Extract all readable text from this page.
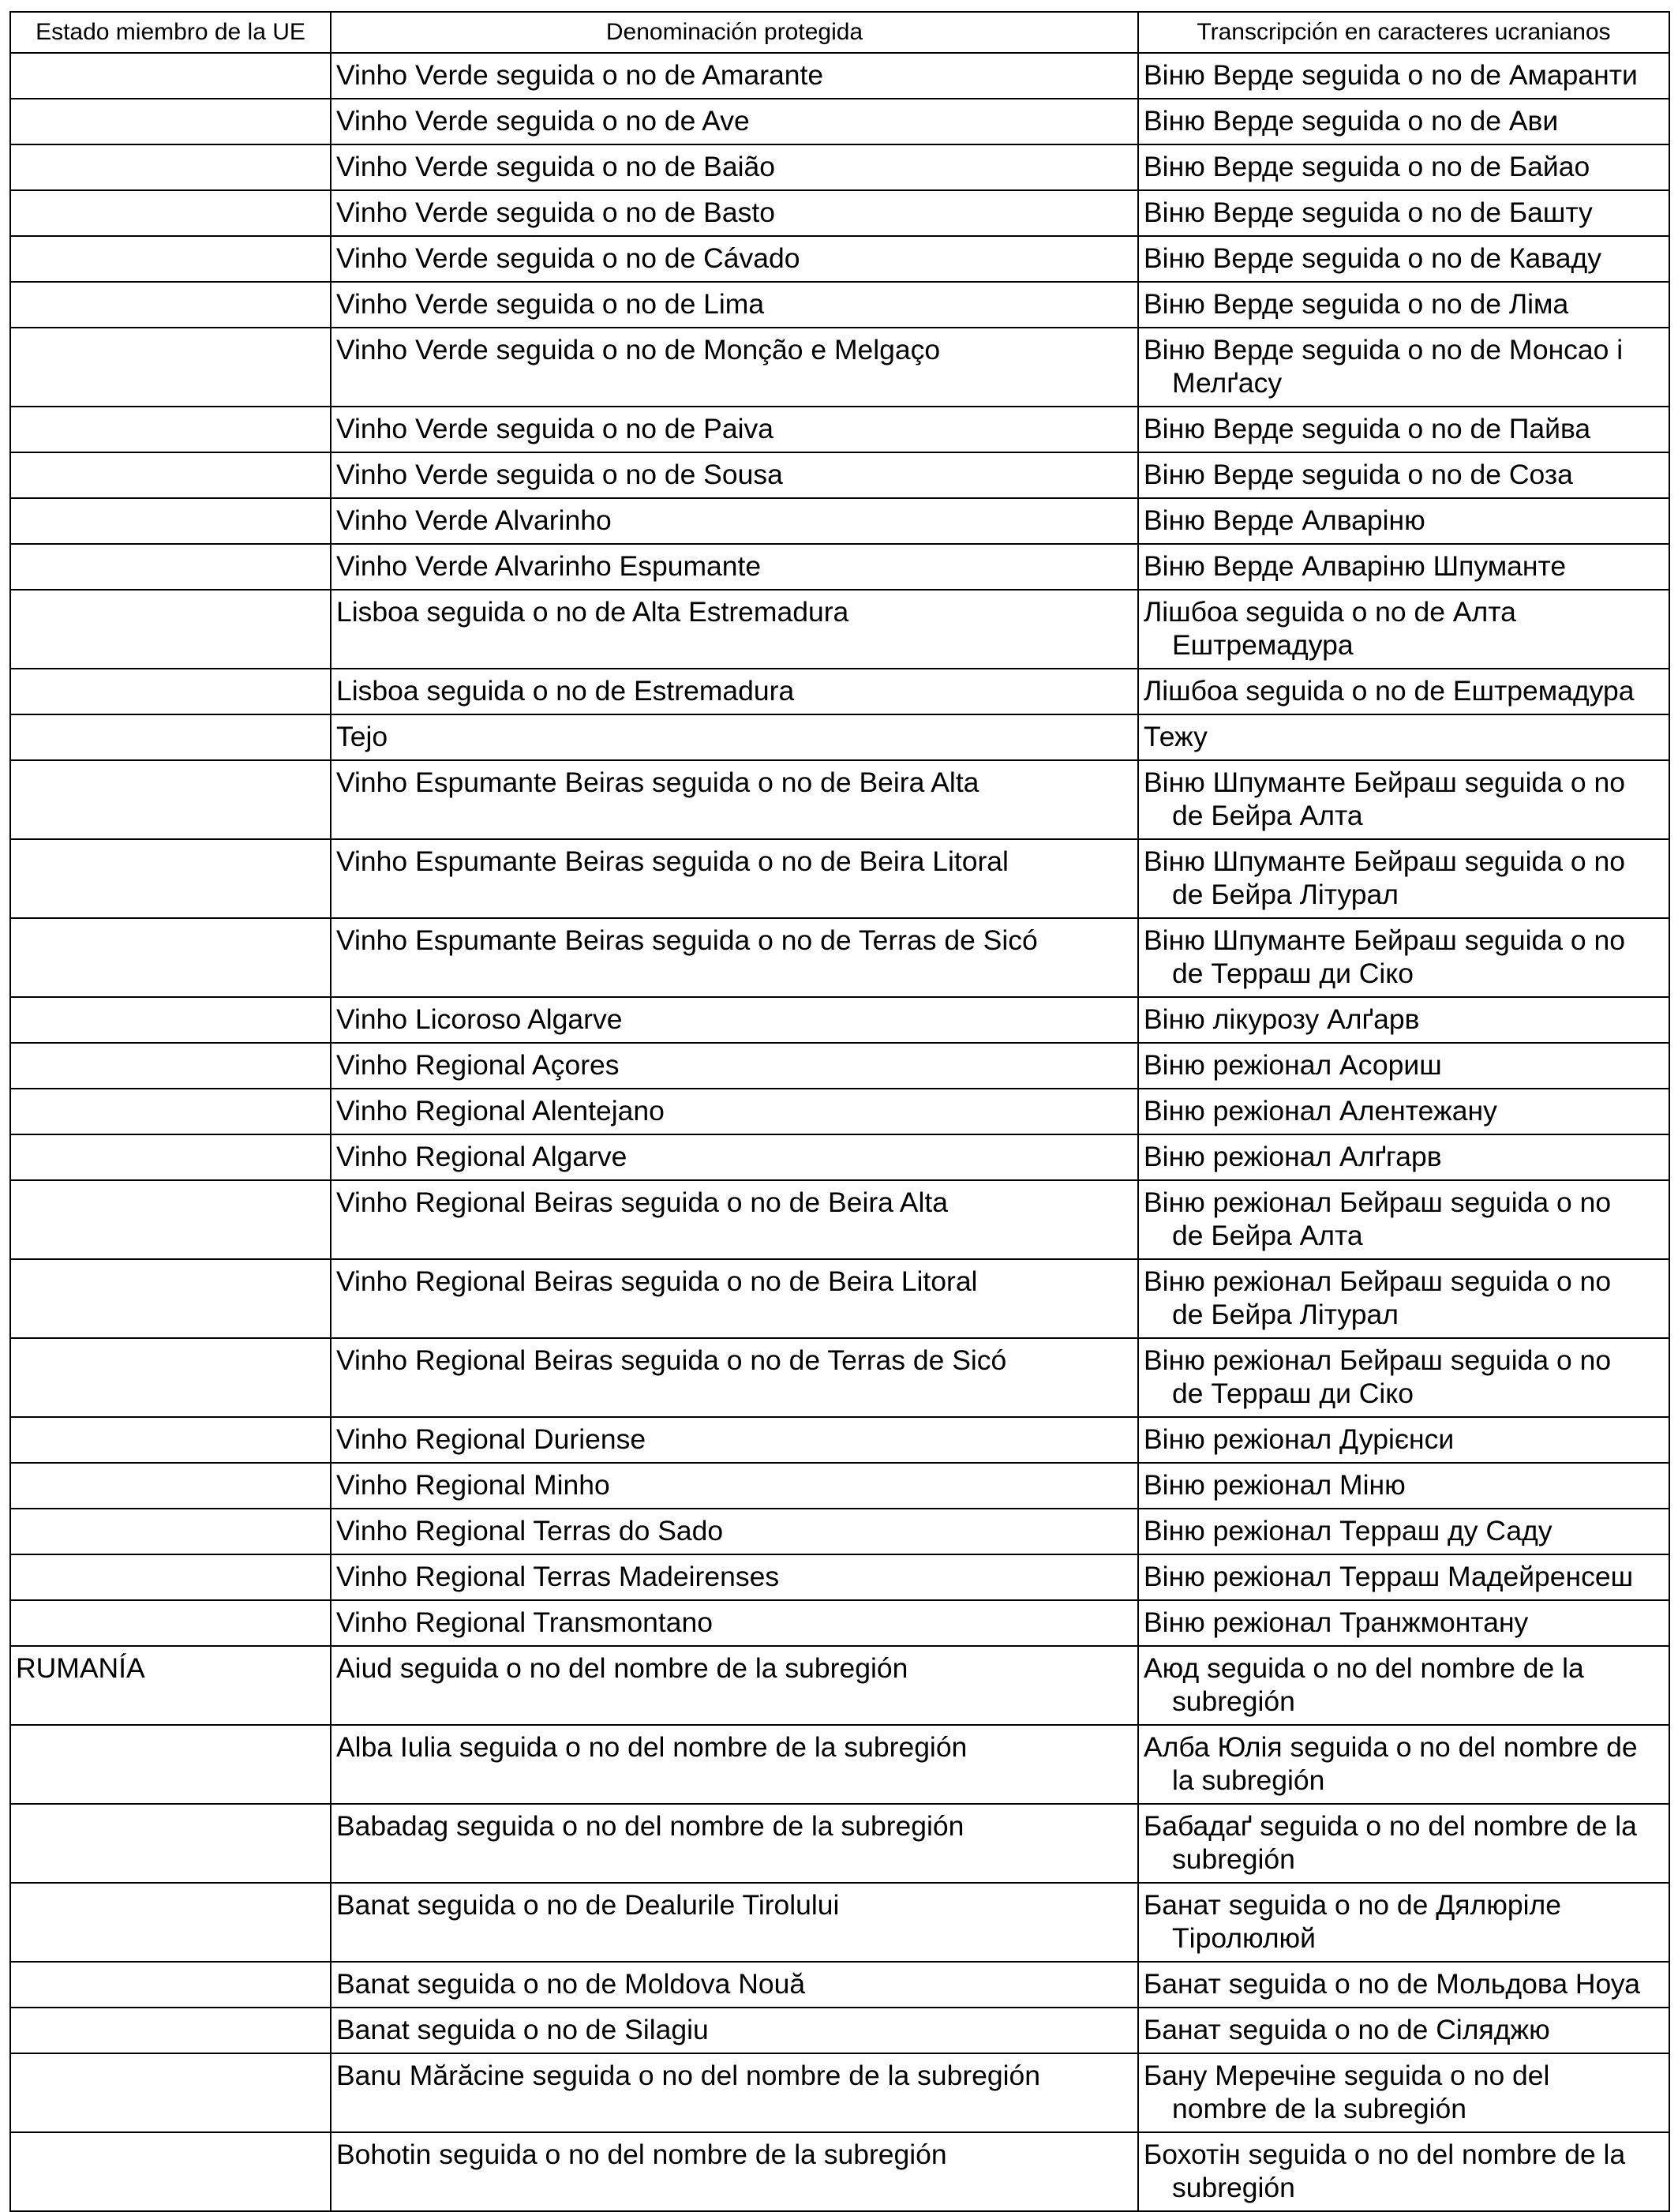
Estado miembro de la UE	Denominación protegida	Transcripción en caracteres ucranianos
	Vinho Verde seguida o no de Amarante	Віню Верде seguida o no de Амаранти
	Vinho Verde seguida o no de Ave	Віню Верде seguida o no de Ави
	Vinho Verde seguida o no de Baião	Віню Верде seguida o no de Байао
	Vinho Verde seguida o no de Basto	Віню Верде seguida o no de Башту
	Vinho Verde seguida o no de Cávado	Віню Верде seguida o no de Каваду
	Vinho Verde seguida o no de Lima	Віню Верде seguida o no de Ліма
	Vinho Verde seguida o no de Monção e Melgaço	Віню Верде seguida o no de Монсао і
Мелґасу

	Vinho Verde seguida o no de Paiva	Віню Верде seguida o no de Пайва
	Vinho Verde seguida o no de Sousa	Віню Верде seguida o no de Соза
	Vinho Verde Alvarinho	Віню Верде Алваріню
	Vinho Verde Alvarinho Espumante	Віню Верде Алваріню Шпуманте
	Lisboa seguida o no de Alta Estremadura	Лішбоа seguida o no de Алта
Ештремадура

	Lisboa seguida o no de Estremadura	Лішбоа seguida o no de Ештремадура
	Tejo	Тежу
	Vinho Espumante Beiras seguida o no de Beira Alta	Віню Шпуманте Бейраш seguida o no
de Бейра Алта

	Vinho Espumante Beiras seguida o no de Beira Litoral	Віню Шпуманте Бейраш seguida o no
de Бейра Літурал

	Vinho Espumante Beiras seguida o no de Terras de Sicó	Віню Шпуманте Бейраш seguida o no
de Терраш ди Сіко

	Vinho Licoroso Algarve	Віню лікурозу Алґарв
	Vinho Regional Açores	Віню режіонал Асориш
	Vinho Regional Alentejano	Віню режіонал Алентежану
	Vinho Regional Algarve	Віню режіонал Алґгарв
	Vinho Regional Beiras seguida o no de Beira Alta	Віню режіонал Бейраш seguida o no
de Бейра Алта

	Vinho Regional Beiras seguida o no de Beira Litoral	Віню режіонал Бейраш seguida o no
de Бейра Літурал

	Vinho Regional Beiras seguida o no de Terras de Sicó	Віню режіонал Бейраш seguida o no
de Терраш ди Сіко

	Vinho Regional Duriense	Віню режіонал Дурієнси
	Vinho Regional Minho	Віню режіонал Міню
	Vinho Regional Terras do Sado	Віню режіонал Терраш ду Саду
	Vinho Regional Terras Madeirenses	Віню режіонал Терраш Мадейренсеш
	Vinho Regional Transmontano	Віню режіонал Транжмонтану
RUMANÍA	Aiud seguida o no del nombre de la subregión	Аюд seguida o no del nombre de la
subregión

	Alba Iulia seguida o no del nombre de la subregión	Алба Юлія seguida o no del nombre de
la subregión

	Babadag seguida o no del nombre de la subregión	Бабадаґ seguida o no del nombre de la
subregión

	Banat seguida o no de Dealurile Tirolului	Банат seguida o no de Дялюріле
Тіролюлюй

	Banat seguida o no de Moldova Nouă	Банат seguida o no de Мольдова Ноуа
	Banat seguida o no de Silagiu	Банат seguida o no de Сіляджю
	Banu Mărăcine seguida o no del nombre de la subregión	Бану Меречіне seguida o no del
nombre de la subregión

	Bohotin seguida o no del nombre de la subregión	Бохотін seguida o no del nombre de la
subregión
